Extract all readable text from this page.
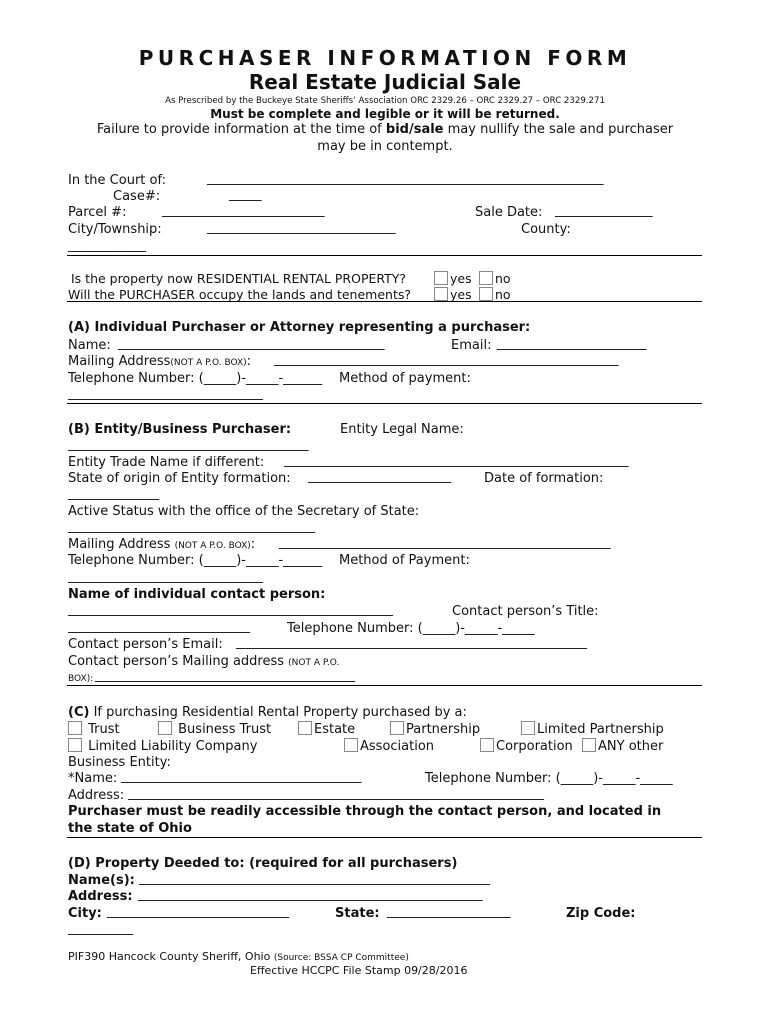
PURCHASER INFORMATION FORM
Real Estate Judicial Sale
As Prescribed by the Buckeye State Sheriffs’ Association ORC 2329.26 – ORC 2329.27 – ORC 2329.271
Must be complete and legible or it will be returned.
Failure to provide information at the time of bid/sale may nullify the sale and purchaser
may be in contempt.
In the Court of:	_____________________________________________________________
Case#:	_____
Parcel #:	_________________________	Sale Date: _______________
City/Township:	_____________________________	County:
____________
Is the property now RESIDENTIAL RENTAL PROPERTY?	yes	no
Will the PURCHASER occupy the lands and tenements?	yes	no
(A) Individual Purchaser or Attorney representing a purchaser:
Name: _________________________________________	Email: _______________________
Mailing Address(NOT A P.O. BOX): _____________________________________________________
Telephone Number: (_____)-_____-______ Method of payment:
______________________________
(B) Entity/Business Purchaser:	Entity Legal Name:
_____________________________________
Entity Trade Name if different: _____________________________________________________
State of origin of Entity formation: ______________________	Date of formation:
______________
Active Status with the office of the Secretary of State:
______________________________________
Mailing Address (NOT A P.O. BOX): ___________________________________________________
Telephone Number: (_____)-_____-______ Method of Payment:
______________________________
Name of individual contact person:
__________________________________________________	Contact person’s Title:
____________________________	Telephone Number: (_____)-_____-_____
Contact person’s Email: ______________________________________________________
Contact person’s Mailing address (NOT A P.O.
BOX): ________________________________________
(C) If purchasing Residential Rental Property purchased by a:
Trust	Business Trust	Estate	Partnership	Limited Partnership
Limited Liability Company	Association	Corporation	ANY other
Business Entity:
*Name: _____________________________________	Telephone Number: (_____)-_____-_____
Address: ________________________________________________________________
Purchaser must be readily accessible through the contact person, and located in
the state of Ohio
(D) Property Deeded to: (required for all purchasers)
Name(s): ______________________________________________________
Address: _____________________________________________________
City: ____________________________	State: ___________________	Zip Code:
__________
PIF390 Hancock County Sheriff, Ohio (Source: BSSA CP Committee)
Effective HCCPC File Stamp 09/28/2016
